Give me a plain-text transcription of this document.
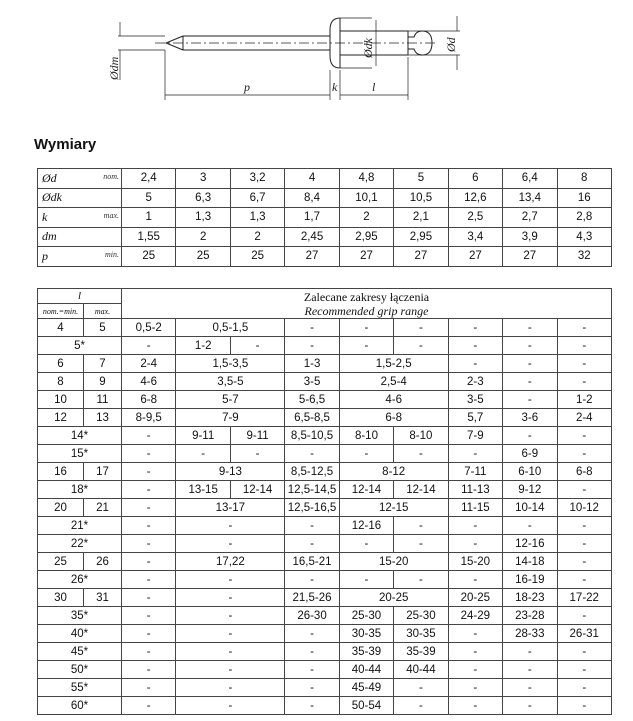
Ødm
p	k	l
Ødk	Ød
Wymiary
Ød nom.	2,4	3	3,2	4	4,8	5	6	6,4	8
Ødk	5	6,3	6,7	8,4	10,1	10,5	12,6	13,4	16
k max.	1	1,3	1,3	1,7	2	2,1	2,5	2,7	2,8
dm	1,55	2	2	2,45	2,95	2,95	3,4	3,9	4,3
p min.	25	25	25	27	27	27	27	27	32
l		Zalecane zakresy łączenia
Recommended grip range								

nom.=min.	max.									
4	5	0,5-2	0,5-1,5		-	-	-	-	-	-
5*		-	1-2	-	-	-	-	-	-	-
6	7	2-4	1,5-3,5		1-3	1,5-2,5		-	-	-
8	9	4-6	3,5-5		3-5	2,5-4		2-3	-	-
10	11	6-8	5-7		5-6,5	4-6		3-5	-	1-2
12	13	8-9,5	7-9		6,5-8,5	6-8		5,7	3-6	2-4
14*		-	9-11	9-11	8,5-10,5	8-10	8-10	7-9	-	-
15*		-	-	-	-	-	-	-	6-9	-
16	17	-	9-13		8,5-12,5	8-12		7-11	6-10	6-8
18*		-	13-15	12-14	12,5-14,5	12-14	12-14	11-13	9-12	-
20	21	-	13-17		12,5-16,5	12-15		11-15	10-14	10-12
21*		-	-		-	12-16	-	-	-	-
22*		-	-		-	-	-	-	12-16	-
25	26	-	17,22		16,5-21	15-20		15-20	14-18	-
26*		-	-		-	-	-	-	16-19	-
30	31	-	-		21,5-26	20-25		20-25	18-23	17-22
35*		-	-		26-30	25-30	25-30	24-29	23-28	-
40*		-	-		-	30-35	30-35	-	28-33	26-31
45*		-	-		-	35-39	35-39	-	-	-
50*		-	-		-	40-44	40-44	-	-	-
55*		-	-		-	45-49	-	-	-	-
60*		-	-		-	50-54	-	-	-	-
